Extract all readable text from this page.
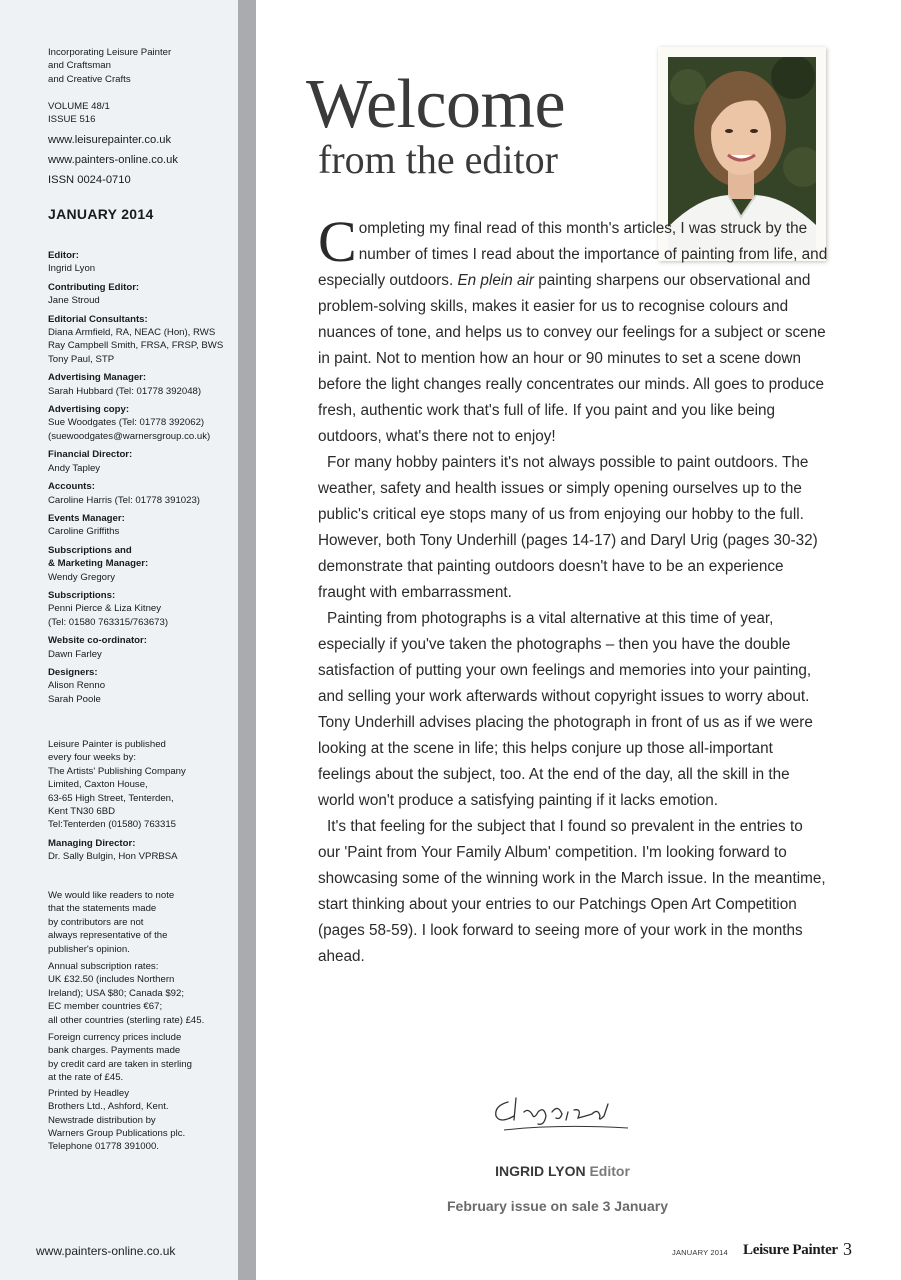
Incorporating Leisure Painter
and Craftsman
and Creative Crafts
VOLUME 48/1
ISSUE 516
www.leisurepainter.co.uk
www.painters-online.co.uk
ISSN 0024-0710
JANUARY 2014
Editor:
Ingrid Lyon
Contributing Editor:
Jane Stroud
Editorial Consultants:
Diana Armfield, RA, NEAC (Hon), RWS
Ray Campbell Smith, FRSA, FRSP, BWS
Tony Paul, STP
Advertising Manager:
Sarah Hubbard (Tel: 01778 392048)
Advertising copy:
Sue Woodgates (Tel: 01778 392062)
(suewoodgates@warnersgroup.co.uk)
Financial Director:
Andy Tapley
Accounts:
Caroline Harris (Tel: 01778 391023)
Events Manager:
Caroline Griffiths
Subscriptions and
& Marketing Manager:
Wendy Gregory
Subscriptions:
Penni Pierce & Liza Kitney
(Tel: 01580 763315/763673)
Website co-ordinator:
Dawn Farley
Designers:
Alison Renno
Sarah Poole
Leisure Painter is published
every four weeks by:
The Artists' Publishing Company
Limited, Caxton House,
63-65 High Street, Tenterden,
Kent TN30 6BD
Tel:Tenterden (01580) 763315
Managing Director:
Dr. Sally Bulgin, Hon VPRBSA
We would like readers to note
that the statements made
by contributors are not
always representative of the
publisher's opinion.
Annual subscription rates:
UK £32.50 (includes Northern
Ireland); USA $80; Canada $92;
EC member countries €67;
all other countries (sterling rate) £45.
Foreign currency prices include
bank charges. Payments made
by credit card are taken in sterling
at the rate of £45.
Printed by Headley
Brothers Ltd., Ashford, Kent.
Newstrade distribution by
Warners Group Publications plc.
Telephone 01778 391000.
www.painters-online.co.uk
Welcome
from the editor

C ompleting my final read of this month's articles, I was struck by the number of times I read about the importance of painting from life, and especially outdoors. En plein air painting sharpens our observational and problem-solving skills, makes it easier for us to recognise colours and nuances of tone, and helps us to convey our feelings for a subject or scene in paint. Not to mention how an hour or 90 minutes to set a scene down before the light changes really concentrates our minds. All goes to produce fresh, authentic work that's full of life. If you paint and you like being outdoors, what's there not to enjoy!

For many hobby painters it's not always possible to paint outdoors. The weather, safety and health issues or simply opening ourselves up to the public's critical eye stops many of us from enjoying our hobby to the full. However, both Tony Underhill (pages 14-17) and Daryl Urig (pages 30-32) demonstrate that painting outdoors doesn't have to be an experience fraught with embarrassment.

Painting from photographs is a vital alternative at this time of year, especially if you've taken the photographs – then you have the double satisfaction of putting your own feelings and memories into your painting, and selling your work afterwards without copyright issues to worry about. Tony Underhill advises placing the photograph in front of us as if we were looking at the scene in life; this helps conjure up those all-important feelings about the subject, too. At the end of the day, all the skill in the world won't produce a satisfying painting if it lacks emotion.

It's that feeling for the subject that I found so prevalent in the entries to our 'Paint from Your Family Album' competition. I'm looking forward to showcasing some of the winning work in the March issue. In the meantime, start thinking about your entries to our Patchings Open Art Competition (pages 58-59). I look forward to seeing more of your work in the months ahead.

INGRID LYON Editor
February issue on sale 3 January
JANUARY 2014 Leisure Painter 3
